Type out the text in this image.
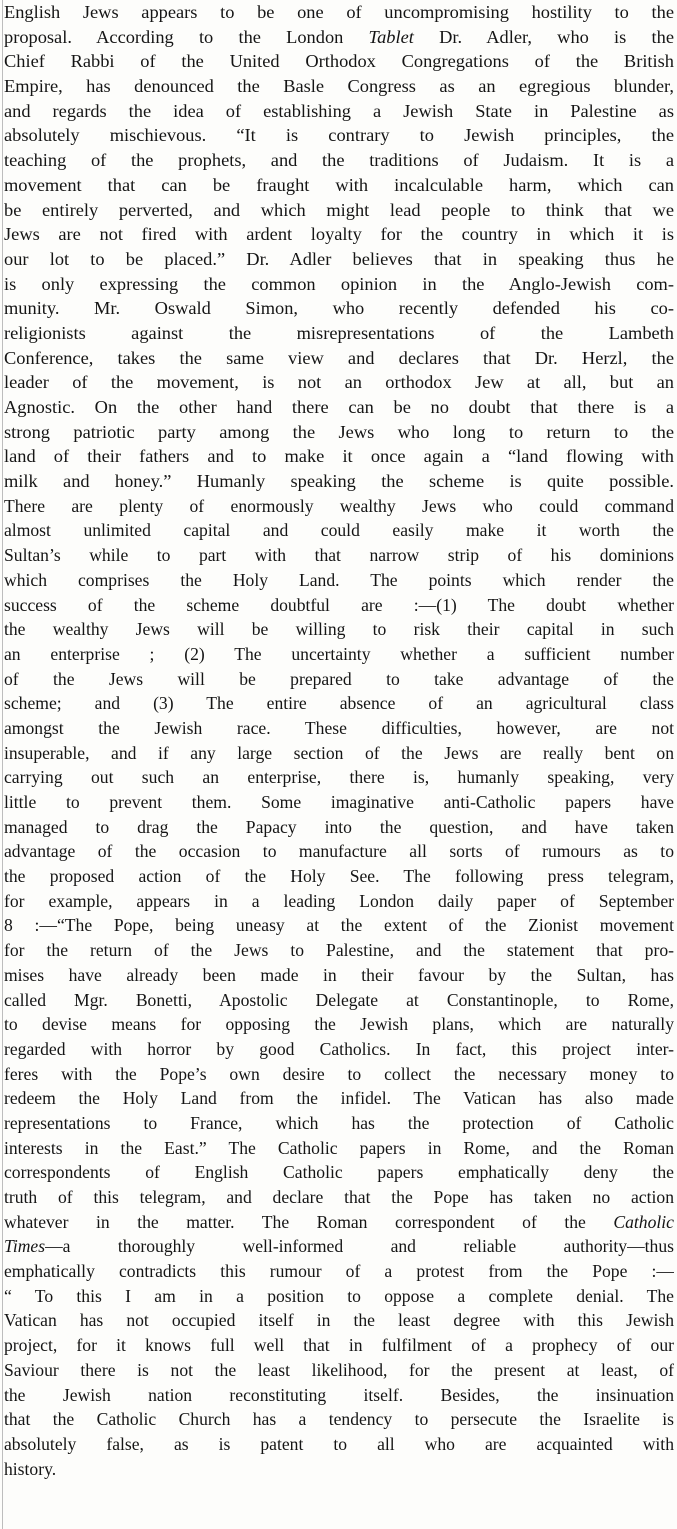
English Jews appears to be one of uncompromising hostility to the
proposal. According to the London Tablet Dr. Adler, who is the
Chief Rabbi of the United Orthodox Congregations of the British
Empire, has denounced the Basle Congress as an egregious blunder,
and regards the idea of establishing a Jewish State in Palestine as
absolutely mischievous. “It is contrary to Jewish principles, the
teaching of the prophets, and the traditions of Judaism. It is a
movement that can be fraught with incalculable harm, which can
be entirely perverted, and which might lead people to think that we
Jews are not fired with ardent loyalty for the country in which it is
our lot to be placed.” Dr. Adler believes that in speaking thus he
is only expressing the common opinion in the Anglo-Jewish com-
munity. Mr. Oswald Simon, who recently defended his co-
religionists against the misrepresentations of the Lambeth
Conference, takes the same view and declares that Dr. Herzl, the
leader of the movement, is not an orthodox Jew at all, but an
Agnostic. On the other hand there can be no doubt that there is a
strong patriotic party among the Jews who long to return to the
land of their fathers and to make it once again a “land flowing with
milk and honey.” Humanly speaking the scheme is quite possible.
There are plenty of enormously wealthy Jews who could command
almost unlimited capital and could easily make it worth the
Sultan’s while to part with that narrow strip of his dominions
which comprises the Holy Land. The points which render the
success of the scheme doubtful are :—(1) The doubt whether
the wealthy Jews will be willing to risk their capital in such
an enterprise ; (2) The uncertainty whether a sufficient number
of the Jews will be prepared to take advantage of the
scheme; and (3) The entire absence of an agricultural class
amongst the Jewish race. These difficulties, however, are not
insuperable, and if any large section of the Jews are really bent on
carrying out such an enterprise, there is, humanly speaking, very
little to prevent them. Some imaginative anti-Catholic papers have
managed to drag the Papacy into the question, and have taken
advantage of the occasion to manufacture all sorts of rumours as to
the proposed action of the Holy See. The following press telegram,
for example, appears in a leading London daily paper of September
8 :—“The Pope, being uneasy at the extent of the Zionist movement
for the return of the Jews to Palestine, and the statement that pro-
mises have already been made in their favour by the Sultan, has
called Mgr. Bonetti, Apostolic Delegate at Constantinople, to Rome,
to devise means for opposing the Jewish plans, which are naturally
regarded with horror by good Catholics. In fact, this project inter-
feres with the Pope’s own desire to collect the necessary money to
redeem the Holy Land from the infidel. The Vatican has also made
representations to France, which has the protection of Catholic
interests in the East.” The Catholic papers in Rome, and the Roman
correspondents of English Catholic papers emphatically deny the
truth of this telegram, and declare that the Pope has taken no action
whatever in the matter. The Roman correspondent of the Catholic
Times—a thoroughly well-informed and reliable authority—thus
emphatically contradicts this rumour of a protest from the Pope :—
“ To this I am in a position to oppose a complete denial. The
Vatican has not occupied itself in the least degree with this Jewish
project, for it knows full well that in fulfilment of a prophecy of our
Saviour there is not the least likelihood, for the present at least, of
the Jewish nation reconstituting itself. Besides, the insinuation
that the Catholic Church has a tendency to persecute the Israelite is
absolutely false, as is patent to all who are acquainted with
history.
